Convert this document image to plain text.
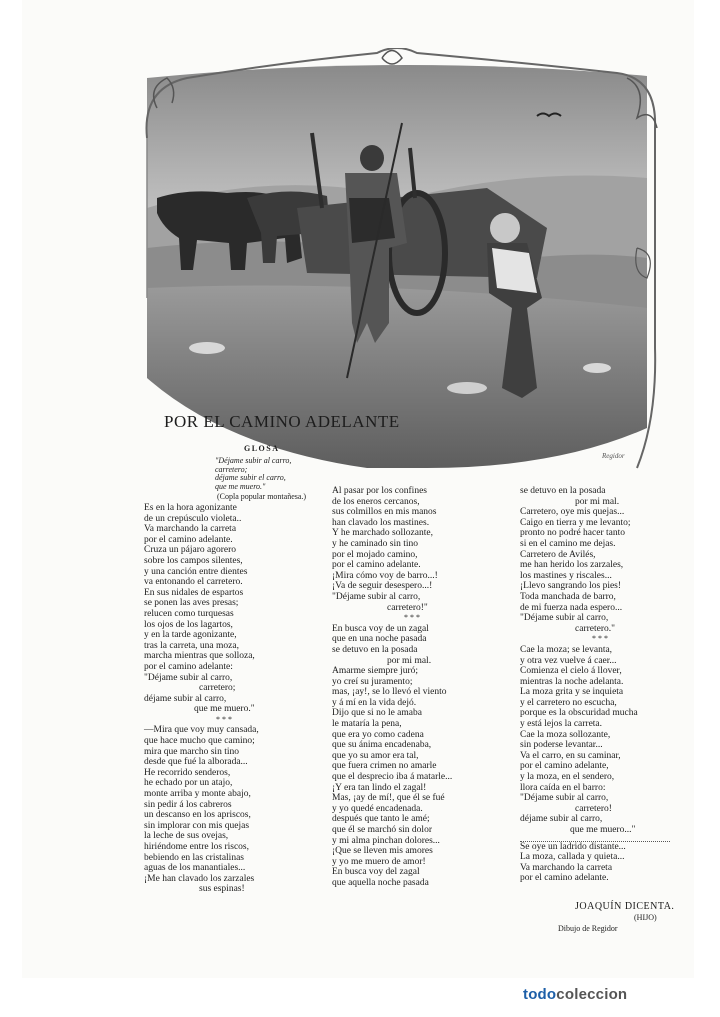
POR EL CAMINO ADELANTE
Regidor
GLOSA
"Déjame subir al carro,
carretero;
déjame subir el carro,
que me muero."
(Copla popular montañesa.)
Es en la hora agonizante
de un crepúsculo violeta..
Va marchando la carreta
por el camino adelante.
Cruza un pájaro agorero
sobre los campos silentes,
y una canción entre dientes
va entonando el carretero.
En sus nidales de espartos
se ponen las aves presas;
relucen como turquesas
los ojos de los lagartos,
y en la tarde agonizante,
tras la carreta, una moza,
marcha mientras que solloza,
por el camino adelante:
"Déjame subir al carro,
carretero;
déjame subir al carro,
que me muero."
* * *
—Mira que voy muy cansada,
que hace mucho que camino;
mira que marcho sin tino
desde que fué la alborada...
He recorrido senderos,
he echado por un atajo,
monte arriba y monte abajo,
sin pedir á los cabreros
un descanso en los apriscos,
sin implorar con mis quejas
la leche de sus ovejas,
hiriéndome entre los riscos,
bebiendo en las cristalinas
aguas de los manantiales...
¡Me han clavado los zarzales
sus espinas!
Al pasar por los confines
de los eneros cercanos,
sus colmillos en mis manos
han clavado los mastines.
Y he marchado sollozante,
y he caminado sin tino
por el mojado camino,
por el camino adelante.
¡Mira cómo voy de barro...!
¡Va de seguir desespero...!
"Déjame subir al carro,
carretero!"
* * *
En busca voy de un zagal
que en una noche pasada
se detuvo en la posada
por mi mal.
Amarme siempre juró;
yo creí su juramento;
mas, ¡ay!, se lo llevó el viento
y á mí en la vida dejó.
Dijo que si no le amaba
le mataría la pena,
que era yo como cadena
que su ánima encadenaba,
que yo su amor era tal,
que fuera crimen no amarle
que el desprecio iba á matarle...
¡Y era tan lindo el zagal!
Mas, ¡ay de mí!, que él se fué
y yo quedé encadenada.
después que tanto le amé;
que él se marchó sin dolor
y mi alma pinchan dolores...
¡Que se lleven mis amores
y yo me muero de amor!
En busca voy del zagal
que aquella noche pasada
se detuvo en la posada
por mi mal.
Carretero, oye mis quejas...
Caigo en tierra y me levanto;
pronto no podré hacer tanto
si en el camino me dejas.
Carretero de Avilés,
me han herido los zarzales,
los mastines y riscales...
¡Llevo sangrando los pies!
Toda manchada de barro,
de mi fuerza nada espero...
"Déjame subir al carro,
carretero."
* * *
Cae la moza; se levanta,
y otra vez vuelve á caer...
Comienza el cielo á llover,
mientras la noche adelanta.
La moza grita y se inquieta
y el carretero no escucha,
porque es la obscuridad mucha
y está lejos la carreta.
Cae la moza sollozante,
sin poderse levantar...
Va el carro, en su caminar,
por el camino adelante,
y la moza, en el sendero,
llora caída en el barro:
"Déjame subir al carro,
carretero!
déjame subir al carro,
que me muero..."
Se oye un ladrido distante...
La moza, callada y quieta...
Va marchando la carreta
por el camino adelante.
JOAQUÍN DICENTA.
(HIJO)
Dibujo de Regidor
todocoleccion
